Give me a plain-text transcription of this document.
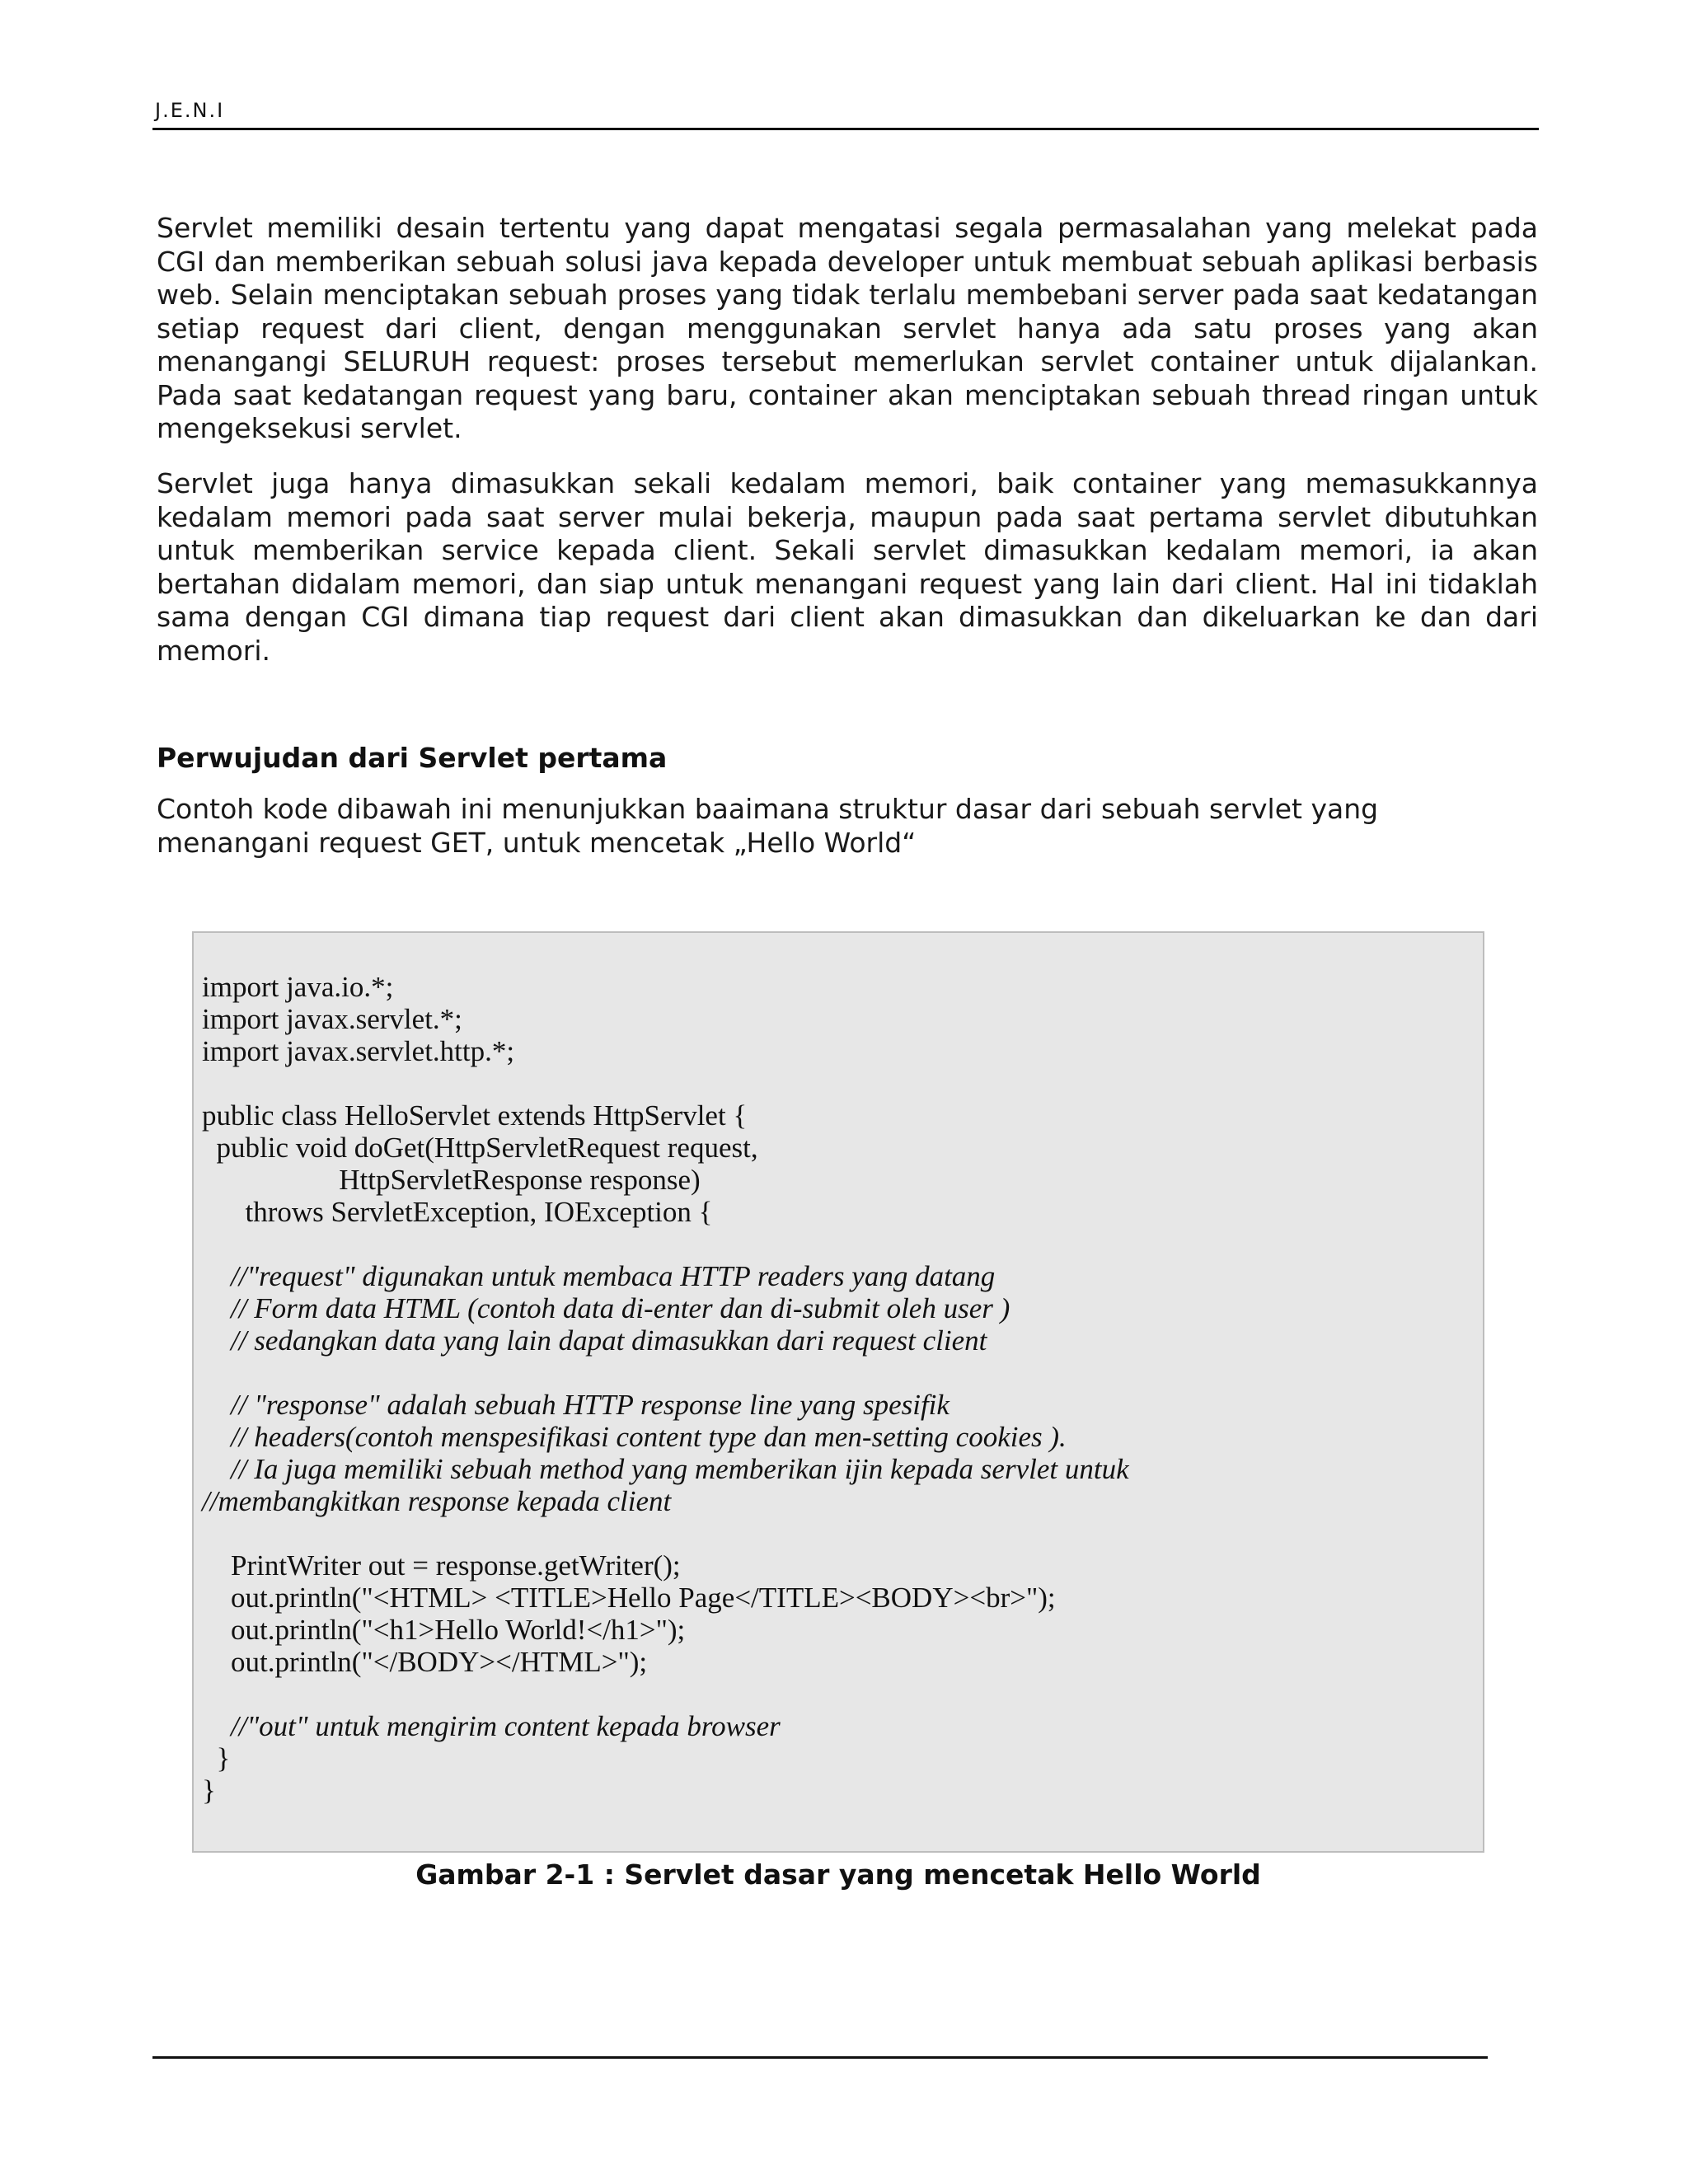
J.E.N.I

Servlet memiliki desain tertentu yang dapat mengatasi segala permasalahan yang melekat pada CGI dan memberikan sebuah solusi java kepada developer untuk membuat sebuah aplikasi berbasis web. Selain menciptakan sebuah proses yang tidak terlalu membebani server pada saat kedatangan setiap request dari client, dengan menggunakan servlet hanya ada satu proses yang akan menangangi SELURUH request: proses tersebut memerlukan servlet container untuk dijalankan. Pada saat kedatangan request yang baru, container akan menciptakan sebuah thread ringan untuk mengeksekusi servlet.

Servlet juga hanya dimasukkan sekali kedalam memori, baik container yang memasukkannya kedalam memori pada saat server mulai bekerja, maupun pada saat pertama servlet dibutuhkan untuk memberikan service kepada client. Sekali servlet dimasukkan kedalam memori, ia akan bertahan didalam memori, dan siap untuk menangani request yang lain dari client. Hal ini tidaklah sama dengan CGI dimana tiap request dari client akan dimasukkan dan dikeluarkan ke dan dari memori.

Perwujudan dari Servlet pertama

Contoh kode dibawah ini menunjukkan baaimana struktur dasar dari sebuah servlet yang menangani request GET, untuk mencetak „Hello World“

import java.io.*;
import javax.servlet.*;
import javax.servlet.http.*;
public class HelloServlet extends HttpServlet {
public void doGet(HttpServletRequest request,
HttpServletResponse response)
throws ServletException, IOException {
//"request" digunakan untuk membaca HTTP readers yang datang
// Form data HTML (contoh data di-enter dan di-submit oleh user )
// sedangkan data yang lain dapat dimasukkan dari request client
// "response" adalah sebuah HTTP response line yang spesifik
// headers(contoh menspesifikasi content type dan men-setting cookies ).
// Ia juga memiliki sebuah method yang memberikan ijin kepada servlet untuk
//membangkitkan response kepada client
PrintWriter out = response.getWriter();
out.println("<HTML> <TITLE>Hello Page</TITLE><BODY><br>");
out.println("<h1>Hello World!</h1>");
out.println("</BODY></HTML>");
//"out" untuk mengirim content kepada browser
}
}
Gambar 2-1 : Servlet dasar yang mencetak Hello World
